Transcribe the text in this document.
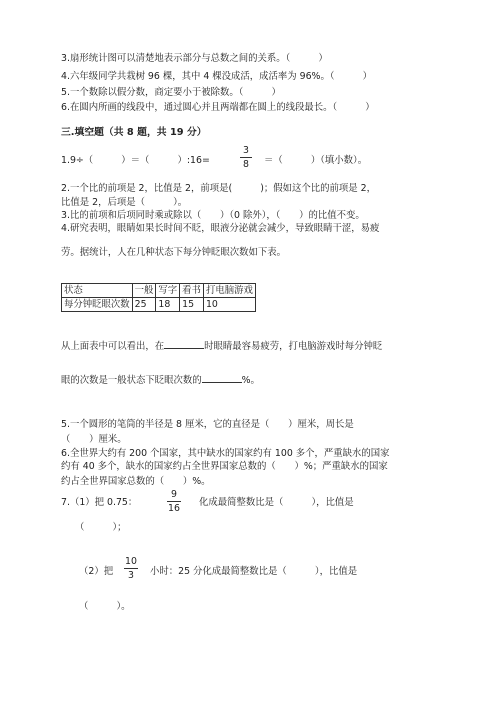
3.扇形统计图可以清楚地表示部分与总数之间的关系。（　　　）
4.六年级同学共栽树 96 棵，其中 4 棵没成活，成活率为 96%。（　　　）
5.一个数除以假分数，商定要小于被除数。（　　　）
6.在圆内所画的线段中，通过圆心并且两端都在圆上的线段最长。（　　　）
三.填空题（共 8 题，共 19 分）
1.9÷（　　　）＝（　　　）:16=
3
8	＝（　　　）（填小数）。
2.一个比的前项是 2，比值是 2，前项是(　　　)；假如这个比的前项是 2，
比值是 2，后项是（　　　）。
3.比的前项和后项同时乘或除以（　　）（0 除外），（　　）的比值不变。
4.研究表明，眼睛如果长时间不眨，眼液分泌就会减少，导致眼睛干涩，易疲
劳。据统计，人在几种状态下每分钟眨眼次数如下表。
状态	一般	写字	看书	打电脑游戏
每分钟眨眼次数	25	18	15	10
从上面表中可以看出，在	时眼睛最容易疲劳，打电脑游戏时每分钟眨
眼的次数是一般状态下眨眼次数的	%。
5.一个圆形的笔筒的半径是 8 厘米，它的直径是（　　）厘米，周长是
（　　）厘米。
6.全世界大约有 200 个国家，其中缺水的国家约有 100 多个，严重缺水的国家
约有 40 多个，缺水的国家约占全世界国家总数的（　　）%；严重缺水的国家
约占全世界国家总数的（　　）%。
7.（1）把 0.75：
9
16
化成最简整数比是（　　　），比值是
（　　　）；
（2）把
10
3	小时：25 分化成最简整数比是（　　　），比值是
（　　　）。
